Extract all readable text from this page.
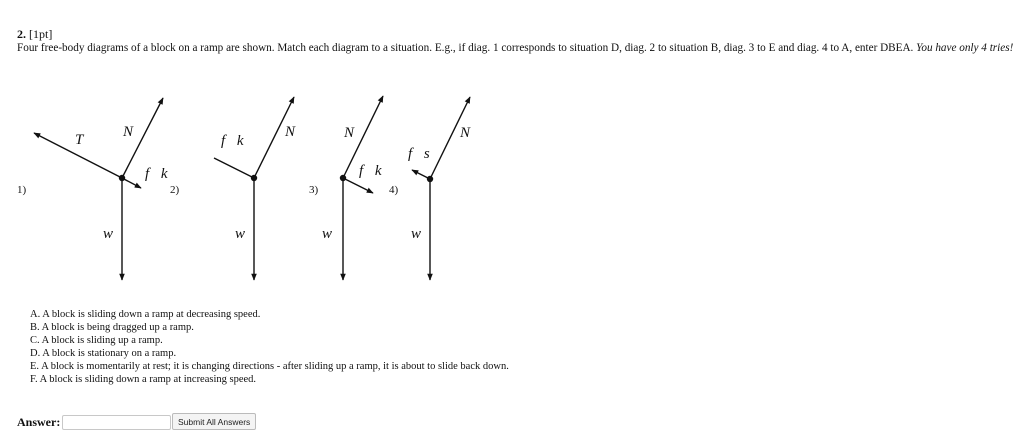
2. [1pt]
Four free-body diagrams of a block on a ramp are shown. Match each diagram to a situation. E.g., if diag. 1 corresponds to situation D, diag. 2 to situation B, diag. 3 to E and diag. 4 to A, enter DBEA. You have only 4 tries!
T⃗ N⃗
f⃗k
w⃗
f⃗k
N⃗
w⃗
N⃗
f⃗k
w⃗
N⃗
f⃗s
w⃗
1)	2)	3)	4)
A. A block is sliding down a ramp at decreasing speed.
B. A block is being dragged up a ramp.
C. A block is sliding up a ramp.
D. A block is stationary on a ramp.
E. A block is momentarily at rest; it is changing directions - after sliding up a ramp, it is about to slide back down.
F. A block is sliding down a ramp at increasing speed.
Answer:	Submit All Answers
